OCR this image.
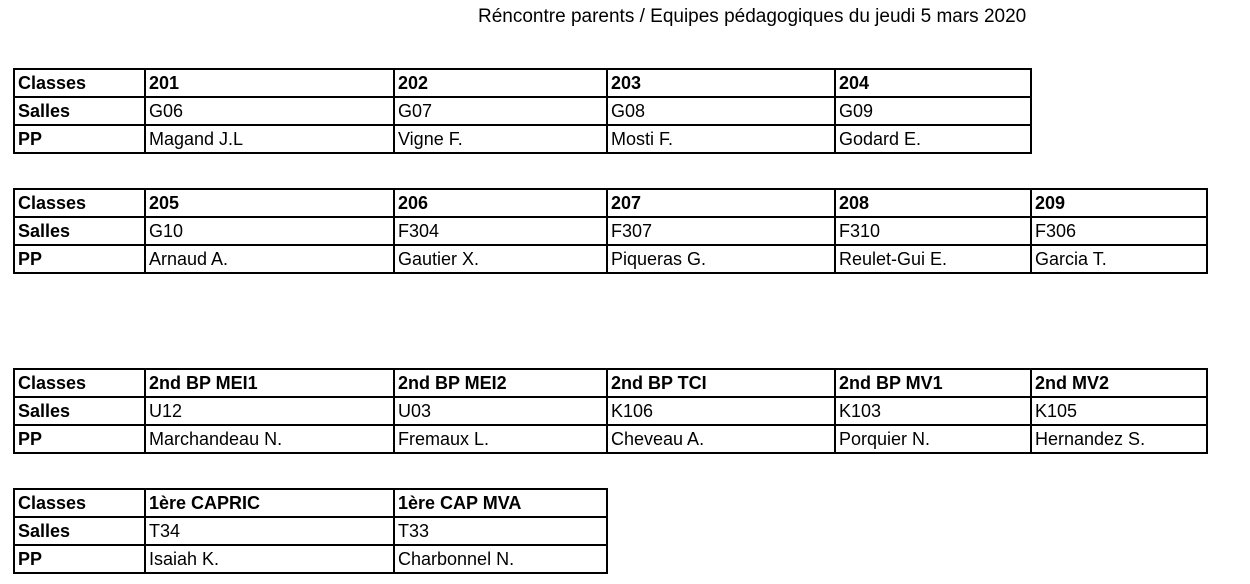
Réncontre parents / Equipes pédagogiques du jeudi 5 mars 2020
Classes	201	202	203	204
Salles	G06	G07	G08	G09
PP	Magand J.L	Vigne F.	Mosti F.	Godard E.
Classes	205	206	207	208	209
Salles	G10	F304	F307	F310	F306
PP	Arnaud A.	Gautier X.	Piqueras G.	Reulet-Gui E.	Garcia T.
Classes	2nd BP MEI1	2nd BP MEI2	2nd BP TCI	2nd BP MV1	2nd MV2
Salles	U12	U03	K106	K103	K105
PP	Marchandeau N.	Fremaux L.	Cheveau A.	Porquier N.	Hernandez S.
Classes	1ère CAPRIC	1ère CAP MVA
Salles	T34	T33
PP	Isaiah K.	Charbonnel N.
